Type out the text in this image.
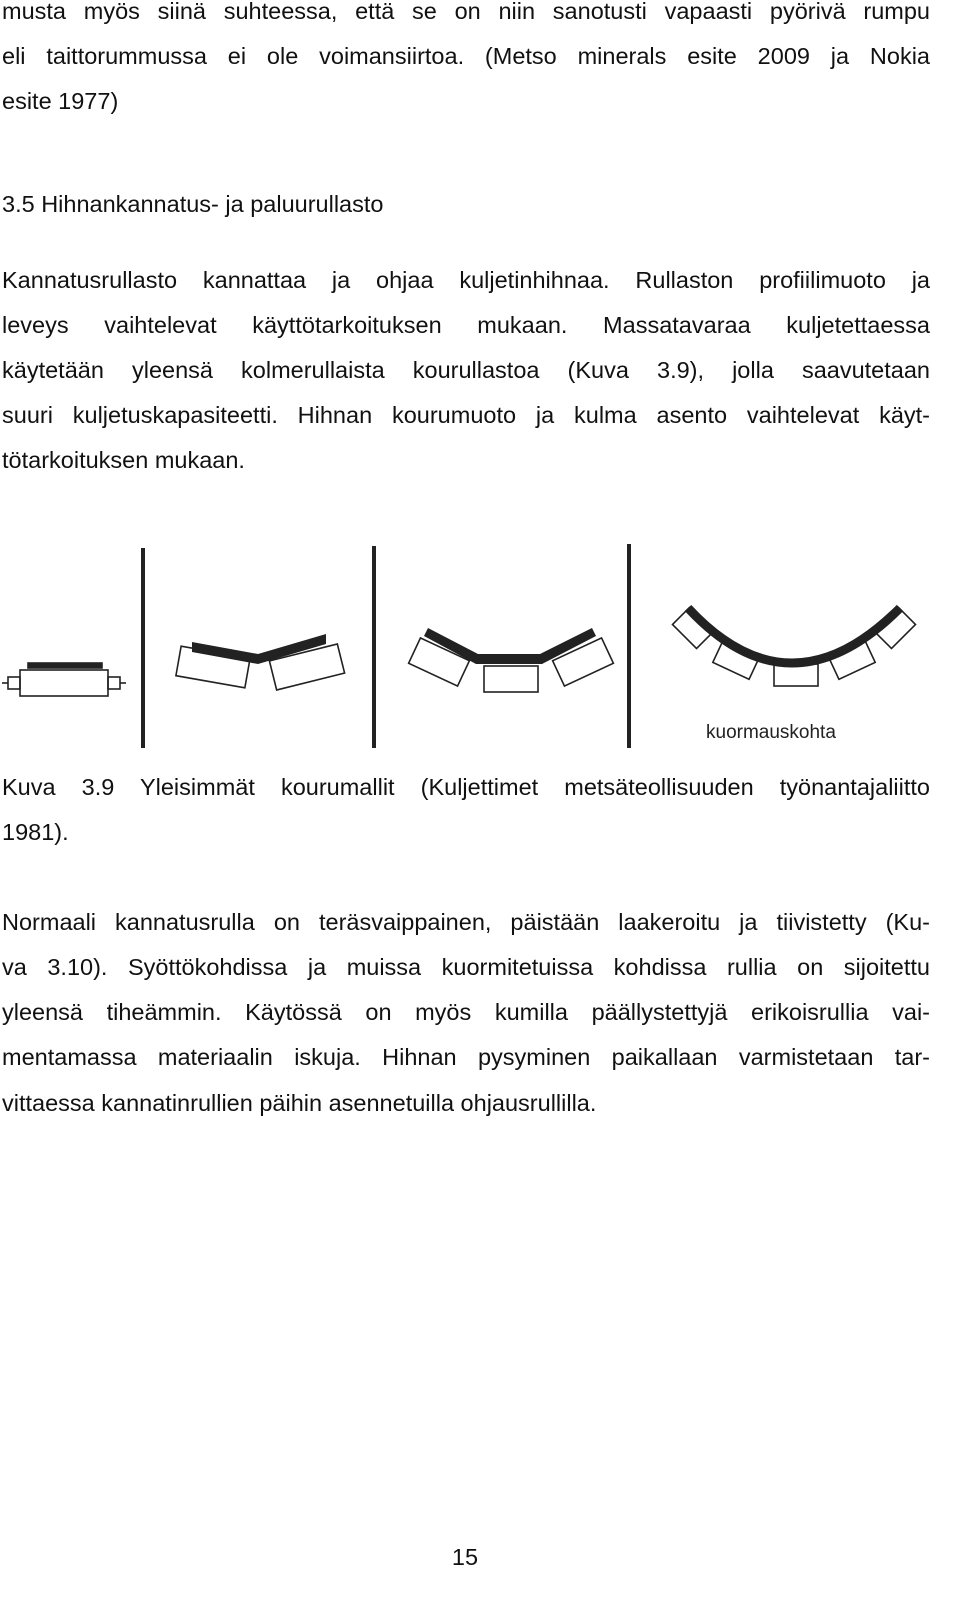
musta myös siinä suhteessa, että se on niin sanotusti vapaasti pyörivä rumpu
eli taittorummussa ei ole voimansiirtoa. (Metso minerals esite 2009 ja Nokia
esite 1977)
3.5 Hihnankannatus- ja paluurullasto
Kannatusrullasto kannattaa ja ohjaa kuljetinhihnaa. Rullaston profiilimuoto ja
leveys vaihtelevat käyttötarkoituksen mukaan. Massatavaraa kuljetettaessa
käytetään yleensä kolmerullaista kourullastoa (Kuva 3.9), jolla saavutetaan
suuri kuljetuskapasiteetti. Hihnan kourumuoto ja kulma asento vaihtelevat käyt-
tötarkoituksen mukaan.
kuormauskohta
Kuva 3.9 Yleisimmät kourumallit (Kuljettimet metsäteollisuuden työnantajaliitto
1981).
Normaali kannatusrulla on teräsvaippainen, päistään laakeroitu ja tiivistetty (Ku-
va 3.10). Syöttökohdissa ja muissa kuormitetuissa kohdissa rullia on sijoitettu
yleensä tiheämmin. Käytössä on myös kumilla päällystettyjä erikoisrullia vai-
mentamassa materiaalin iskuja. Hihnan pysyminen paikallaan varmistetaan tar-
vittaessa kannatinrullien päihin asennetuilla ohjausrullilla.
15
